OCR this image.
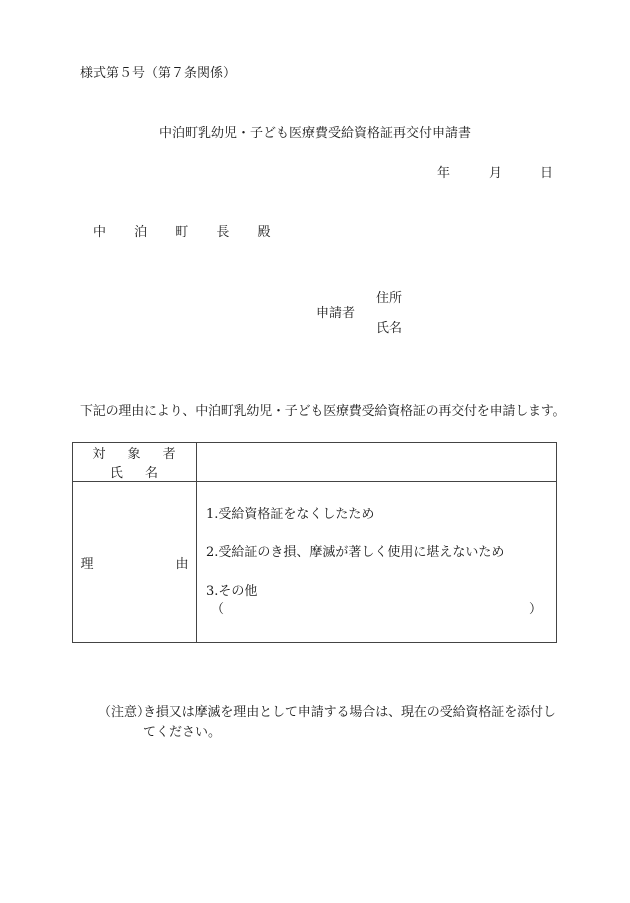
様式第５号（第７条関係）
中泊町乳幼児・子ども医療費受給資格証再交付申請書
年	月	日
中 泊 町 長 殿
申請者
住所
氏名
下記の理由により、中泊町乳幼児・子ども医療費受給資格証の再交付を申請します。
対 象 者 氏 名	

理 由	1.受給資格証をなくしたため
2.受給証のき損、摩滅が著しく使用に堪えないため
3.その他
（ ）
（注意）
き損又は摩滅を理由として申請する場合は、現在の受給資格証を添付し
てください。
